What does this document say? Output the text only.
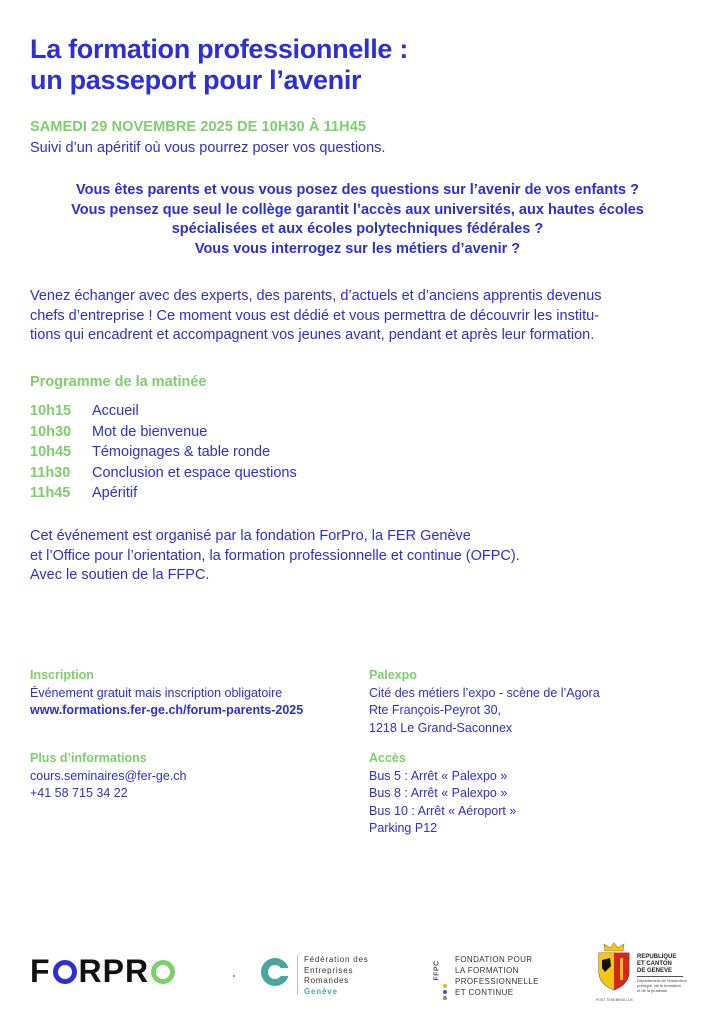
La formation professionnelle :
un passeport pour l’avenir
SAMEDI 29 NOVEMBRE 2025 DE 10H30 À 11H45
Suivi d’un apéritif où vous pourrez poser vos questions.
Vous êtes parents et vous vous posez des questions sur l’avenir de vos enfants ?
Vous pensez que seul le collège garantit l’accès aux universités, aux hautes écoles
spécialisées et aux écoles polytechniques fédérales ?
Vous vous interrogez sur les métiers d’avenir ?
Venez échanger avec des experts, des parents, d’actuels et d’anciens apprentis devenus
chefs d’entreprise ! Ce moment vous est dédié et vous permettra de découvrir les institu-
tions qui encadrent et accompagnent vos jeunes avant, pendant et après leur formation.
Programme de la matinée
10h15	Accueil
10h30	Mot de bienvenue
10h45	Témoignages & table ronde
11h30	Conclusion et espace questions
11h45	Apéritif
Cet événement est organisé par la fondation ForPro, la FER Genève
et l’Office pour l’orientation, la formation professionnelle et continue (OFPC).
Avec le soutien de la FFPC.
Inscription
Événement gratuit mais inscription obligatoire
www.formations.fer-ge.ch/forum-parents-2025
Plus d’informations
cours.seminaires@fer-ge.ch
+41 58 715 34 22
Palexpo
Cité des métiers l’expo - scène de l’Agora
Rte François-Peyrot 30,
1218 Le Grand-Saconnex
Accès
Bus 5 : Arrêt « Palexpo »
Bus 8 : Arrêt « Palexpo »
Bus 10 : Arrêt « Aéroport »
Parking P12
F RPR	Fédération des
Entreprises
Romandes
Genève
FFPC
FONDATION POUR
LA FORMATION
PROFESSIONNELLE
ET CONTINUE
POST TENEBRAS LUX
REPUBLIQUE
ET CANTON
DE GENEVE
Département de l’instruction
publique, de la formation
et de la jeunesse
